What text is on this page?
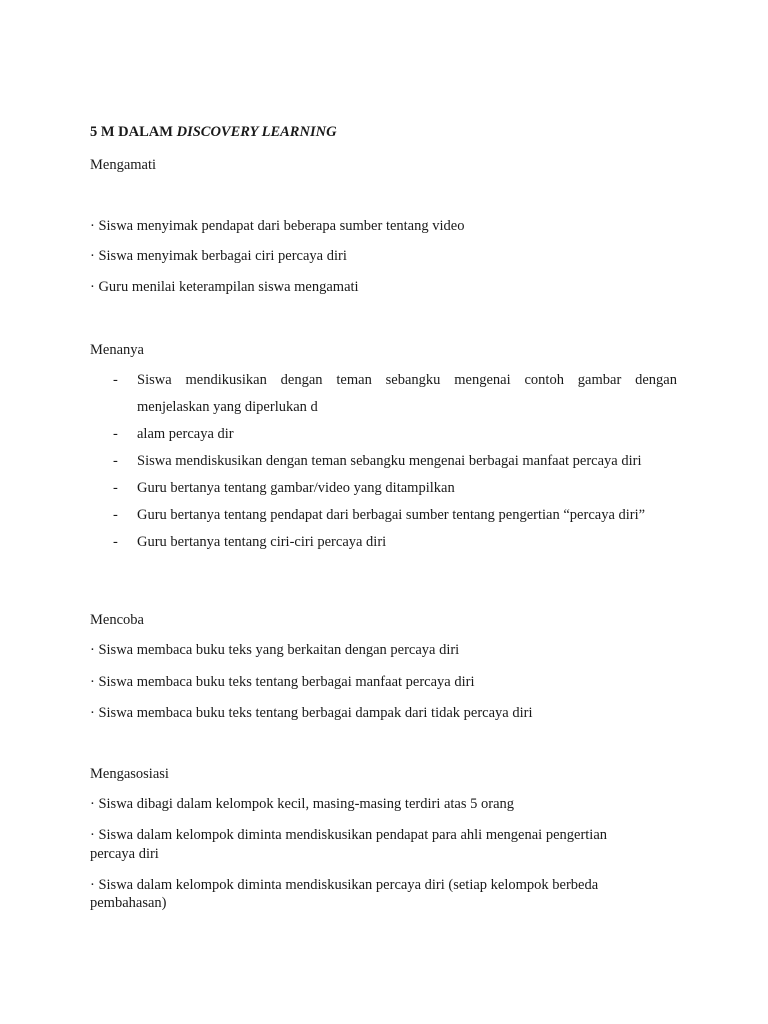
5 M DALAM DISCOVERY LEARNING
Mengamati
· Siswa menyimak pendapat dari beberapa sumber tentang video
· Siswa menyimak berbagai ciri percaya diri
· Guru menilai keterampilan siswa mengamati
Menanya
- Siswa mendikusikan dengan teman sebangku mengenai contoh gambar dengan
menjelaskan yang diperlukan d
- alam percaya dir
- Siswa mendiskusikan dengan teman sebangku mengenai berbagai manfaat percaya diri
- Guru bertanya tentang gambar/video yang ditampilkan
- Guru bertanya tentang pendapat dari berbagai sumber tentang pengertian “percaya diri”
- Guru bertanya tentang ciri-ciri percaya diri
Mencoba
· Siswa membaca buku teks yang berkaitan dengan percaya diri
· Siswa membaca buku teks tentang berbagai manfaat percaya diri
· Siswa membaca buku teks tentang berbagai dampak dari tidak percaya diri
Mengasosiasi
· Siswa dibagi dalam kelompok kecil, masing-masing terdiri atas 5 orang
· Siswa dalam kelompok diminta mendiskusikan pendapat para ahli mengenai pengertian
percaya diri
· Siswa dalam kelompok diminta mendiskusikan percaya diri (setiap kelompok berbeda
pembahasan)
